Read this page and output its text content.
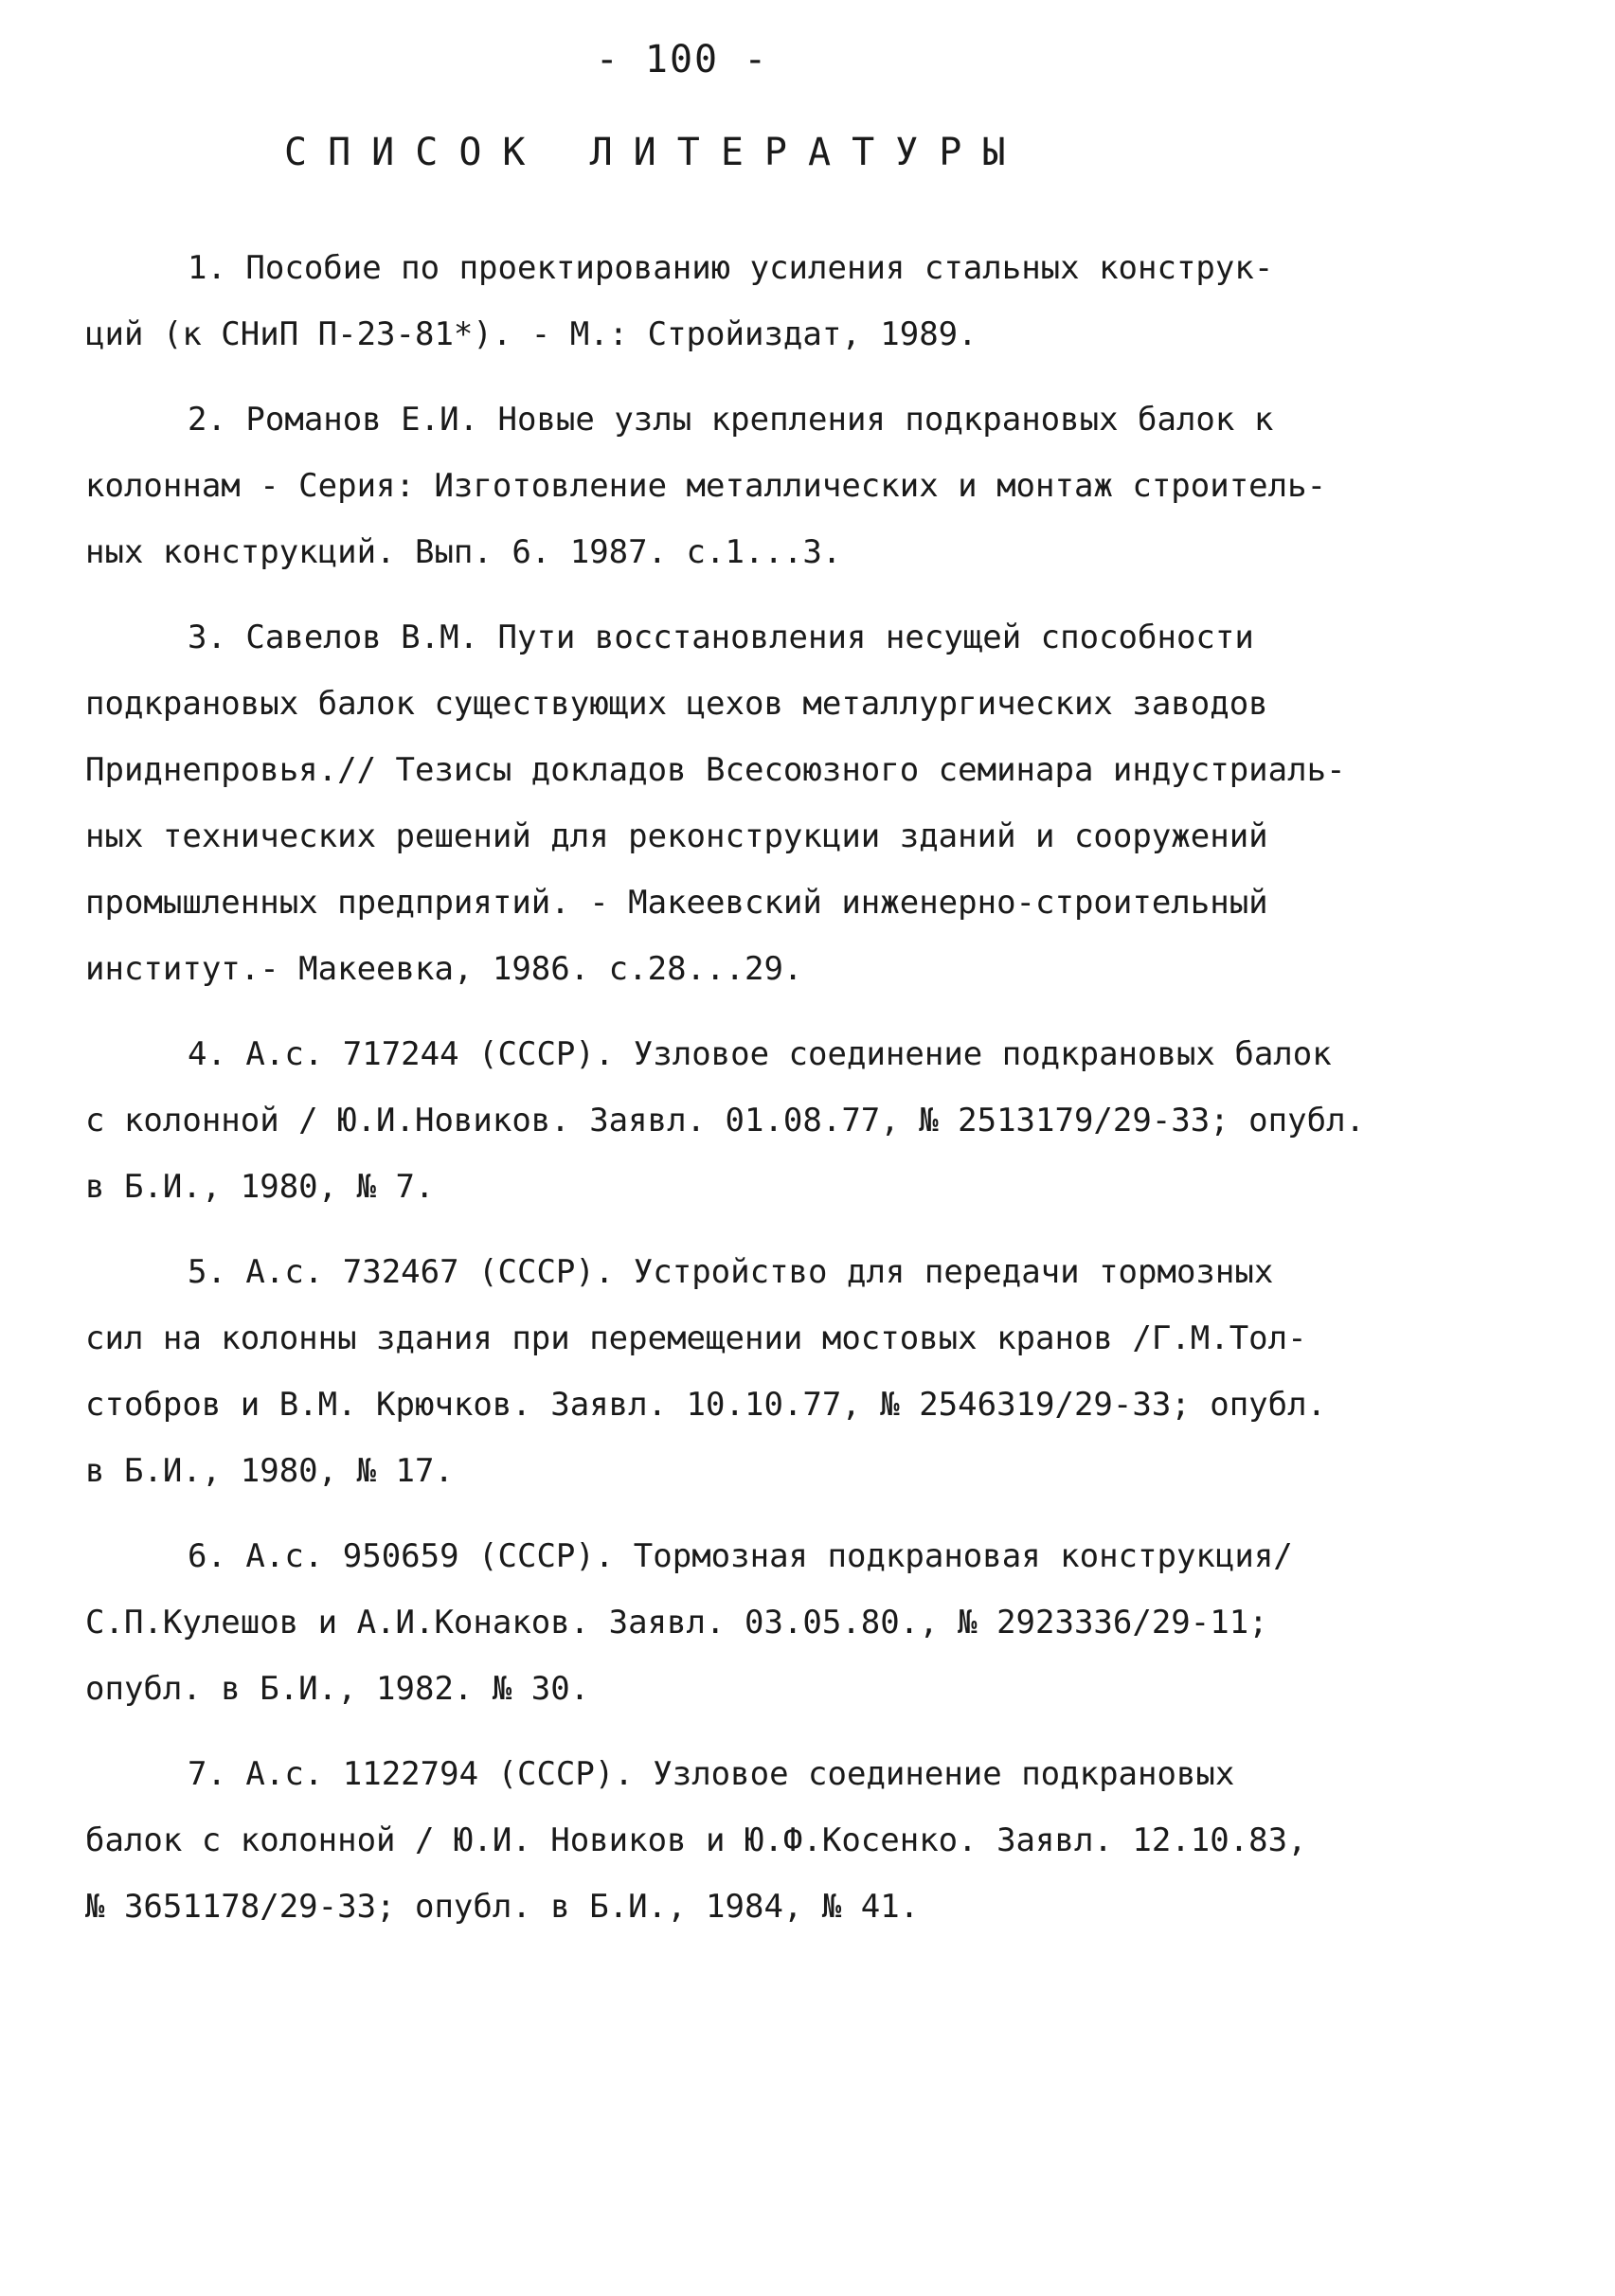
- 100 -
СПИСОК ЛИТЕРАТУРЫ
1. Пособие по проектированию усиления стальных конструк-
ций (к СНиП П-23-81*). - М.: Стройиздат, 1989.
2. Романов Е.И. Новые узлы крепления подкрановых балок к
колоннам - Серия: Изготовление металлических и монтаж строитель-
ных конструкций. Вып. 6. 1987. с.1...3.
3. Савелов В.М. Пути восстановления несущей способности
подкрановых балок существующих цехов металлургических заводов
Приднепровья.// Тезисы докладов Всесоюзного семинара индустриаль-
ных технических решений для реконструкции зданий и сооружений
промышленных предприятий. - Макеевский инженерно-строительный
институт.- Макеевка, 1986. с.28...29.
4. А.с. 717244 (СССР). Узловое соединение подкрановых балок
с колонной / Ю.И.Новиков. Заявл. 01.08.77, № 2513179/29-33; опубл.
в Б.И., 1980, № 7.
5. А.с. 732467 (СССР). Устройство для передачи тормозных
сил на колонны здания при перемещении мостовых кранов /Г.М.Тол-
стобров и В.М. Крючков. Заявл. 10.10.77, № 2546319/29-33; опубл.
в Б.И., 1980, № 17.
6. А.с. 950659 (СССР). Тормозная подкрановая конструкция/
С.П.Кулешов и А.И.Конаков. Заявл. 03.05.80., № 2923336/29-11;
опубл. в Б.И., 1982. № 30.
7. А.с. 1122794 (СССР). Узловое соединение подкрановых
балок с колонной / Ю.И. Новиков и Ю.Ф.Косенко. Заявл. 12.10.83,
№ 3651178/29-33; опубл. в Б.И., 1984, № 41.
